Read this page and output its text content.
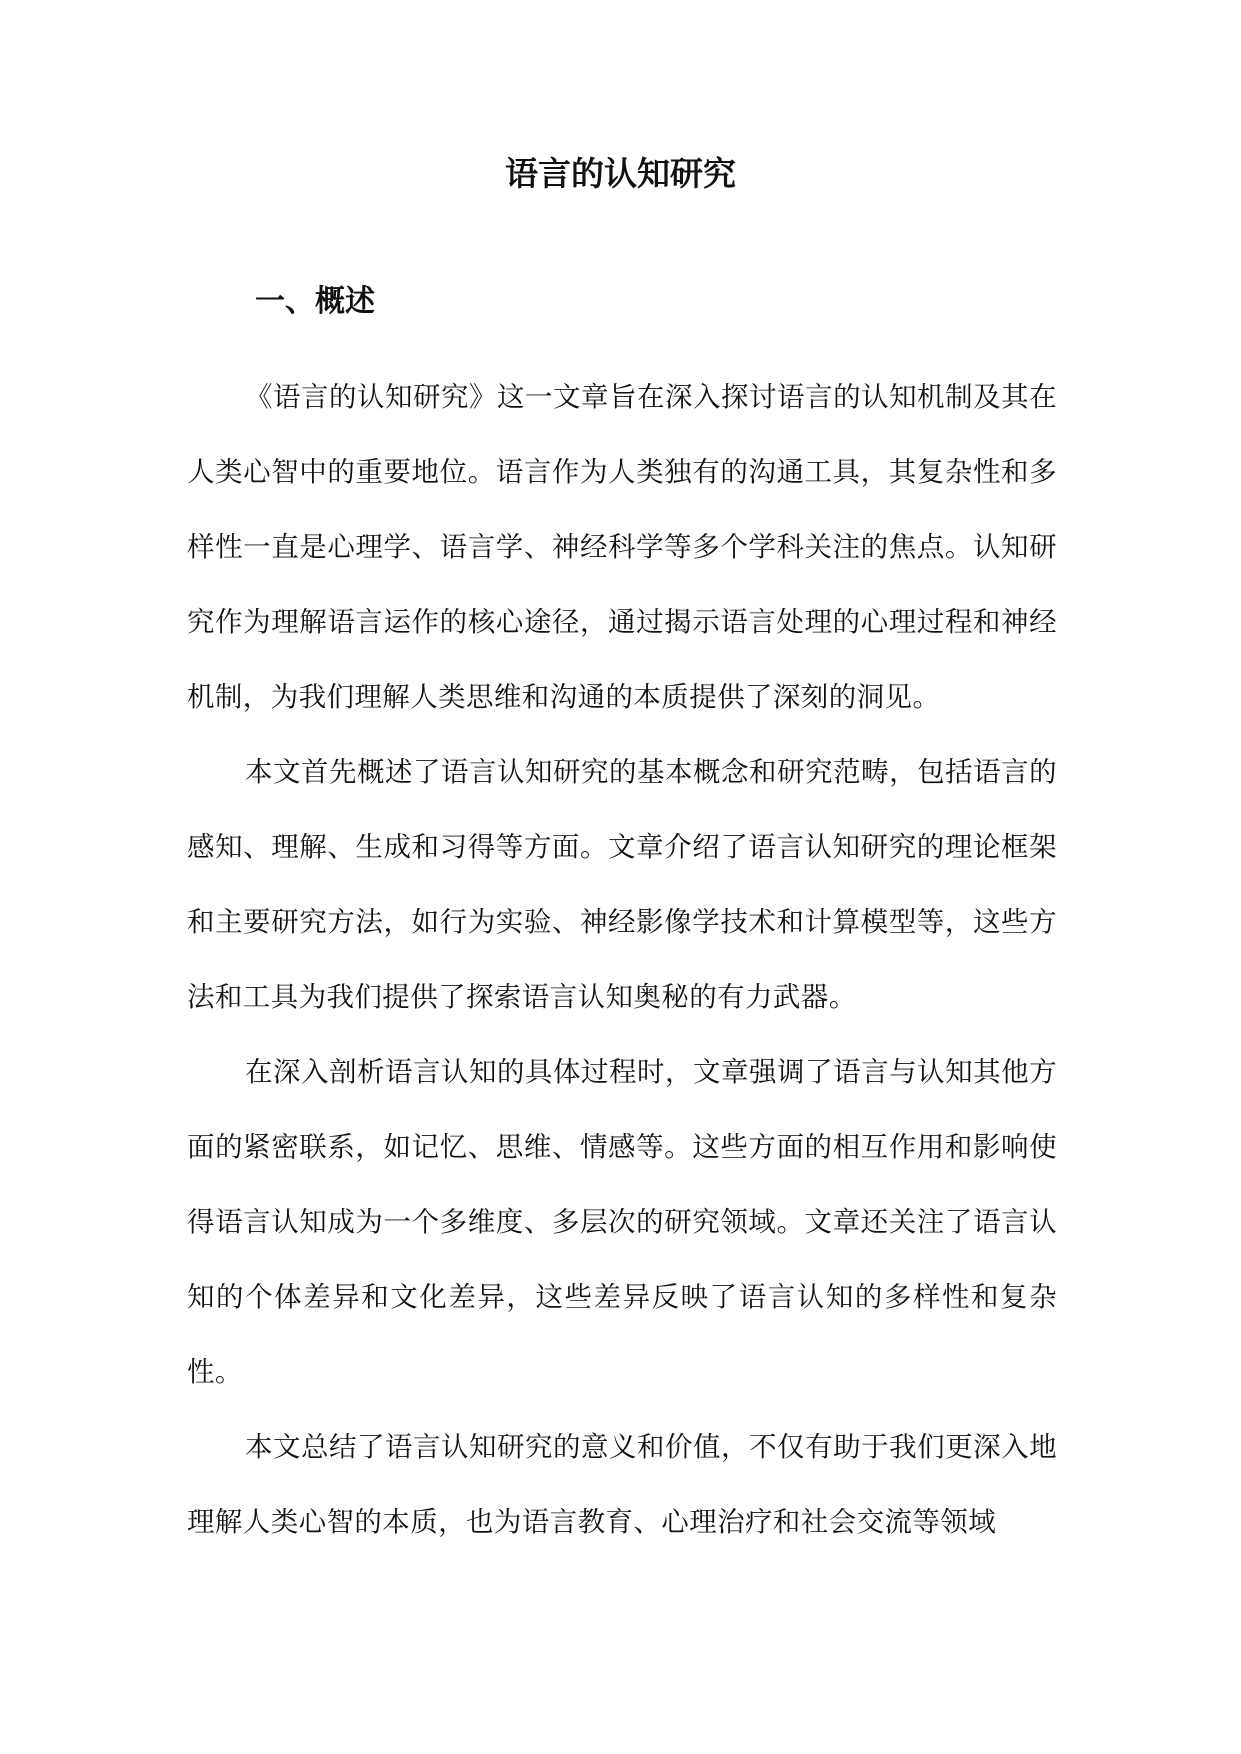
语言的认知研究
一、概述

《语言的认知研究》这一文章旨在深入探讨语言的认知机制及其在人类心智中的重要地位。语言作为人类独有的沟通工具，其复杂性和多样性一直是心理学、语言学、神经科学等多个学科关注的焦点。认知研究作为理解语言运作的核心途径，通过揭示语言处理的心理过程和神经机制，为我们理解人类思维和沟通的本质提供了深刻的洞见。

本文首先概述了语言认知研究的基本概念和研究范畴，包括语言的感知、理解、生成和习得等方面。文章介绍了语言认知研究的理论框架和主要研究方法，如行为实验、神经影像学技术和计算模型等，这些方法和工具为我们提供了探索语言认知奥秘的有力武器。

在深入剖析语言认知的具体过程时，文章强调了语言与认知其他方面的紧密联系，如记忆、思维、情感等。这些方面的相互作用和影响使得语言认知成为一个多维度、多层次的研究领域。文章还关注了语言认知的个体差异和文化差异，这些差异反映了语言认知的多样性和复杂性。

本文总结了语言认知研究的意义和价值，不仅有助于我们更深入地理解人类心智的本质，也为语言教育、心理治疗和社会交流等领域
